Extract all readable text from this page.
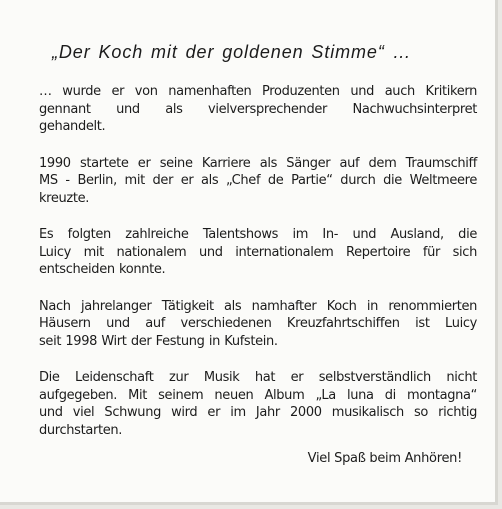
„Der Koch mit der goldenen Stimme“ …

… wurde er von namenhaften Produzenten und auch Kritikern
gennant und als vielversprechender Nachwuchsinterpret
gehandelt.

1990 startete er seine Karriere als Sänger auf dem Traumschiff
MS - Berlin, mit der er als „Chef de Partie“ durch die Weltmeere
kreuzte.

Es folgten zahlreiche Talentshows im In- und Ausland, die
Luicy mit nationalem und internationalem Repertoire für sich
entscheiden konnte.

Nach jahrelanger Tätigkeit als namhafter Koch in renommierten
Häusern und auf verschiedenen Kreuzfahrtschiffen ist Luicy
seit 1998 Wirt der Festung in Kufstein.

Die Leidenschaft zur Musik hat er selbstverständlich nicht
aufgegeben. Mit seinem neuen Album „La luna di montagna“
und viel Schwung wird er im Jahr 2000 musikalisch so richtig
durchstarten.

Viel Spaß beim Anhören!
